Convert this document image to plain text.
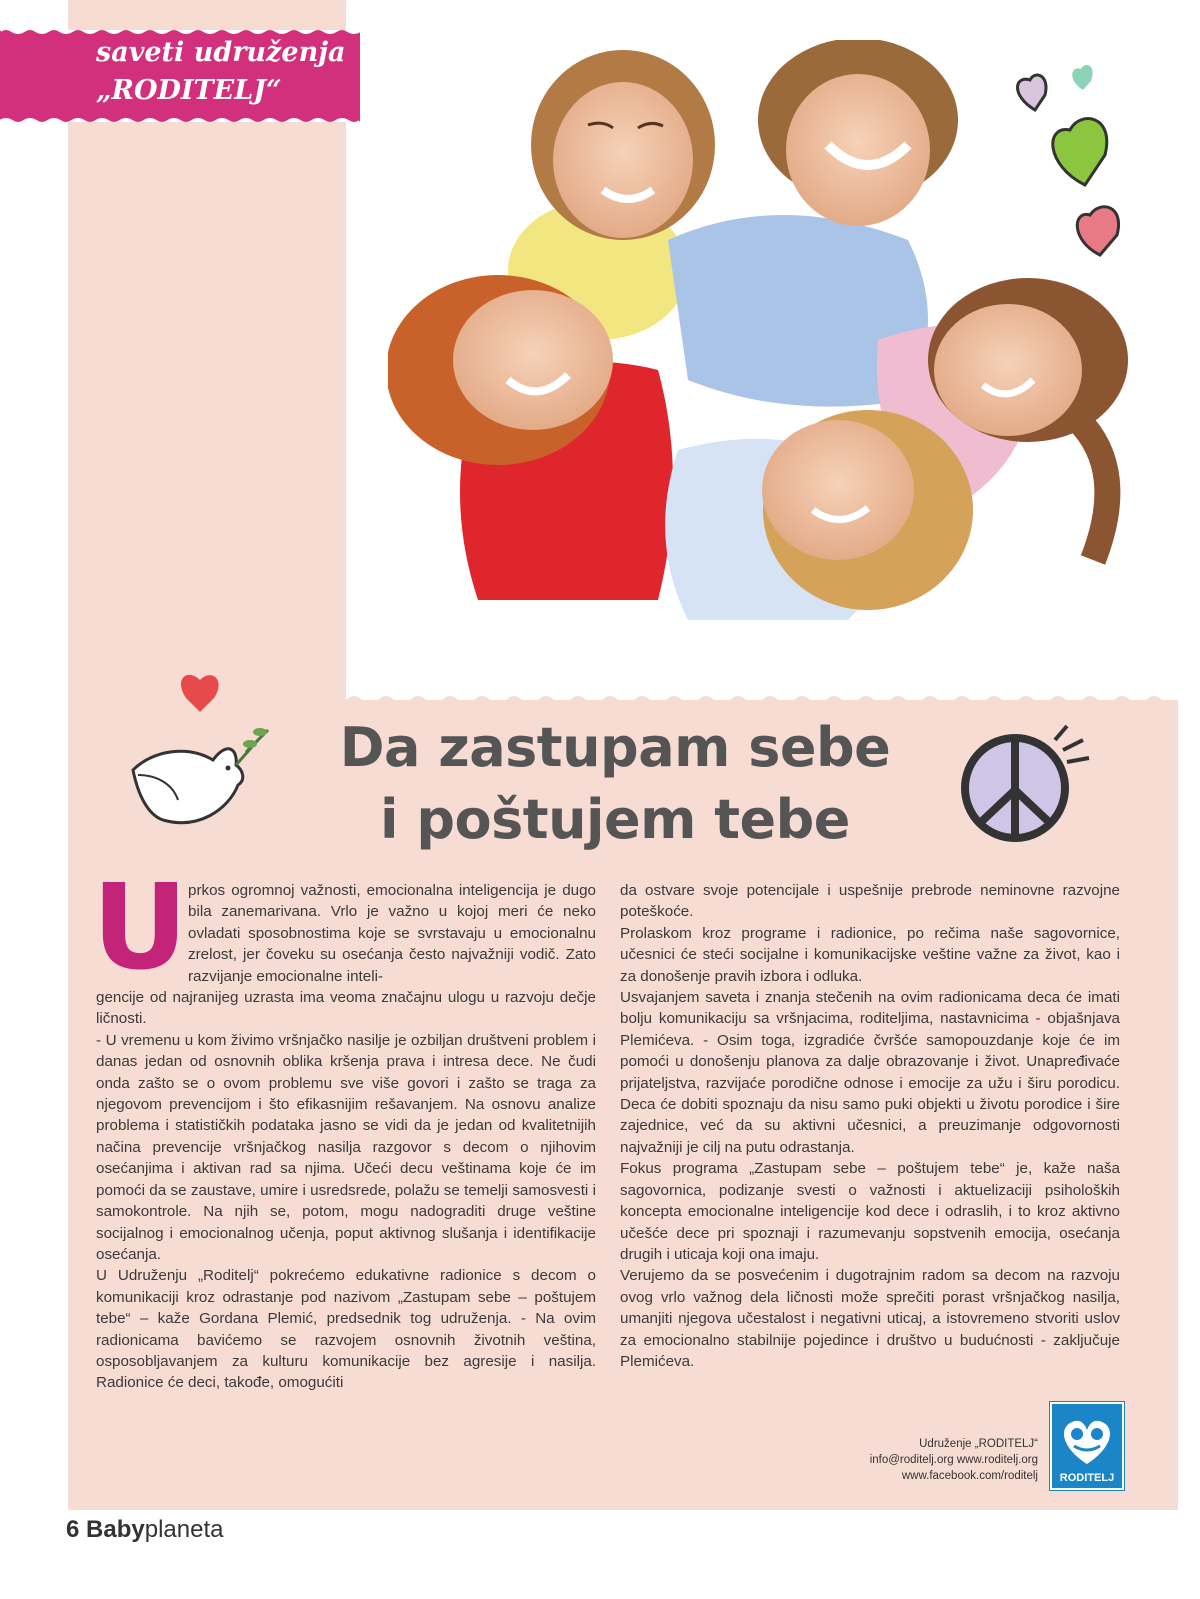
saveti udruženja
„RODITELJ“
Da zastupam sebe
i poštujem tebe
U prkos ogromnoj važnosti, emocionalna inteligencija je dugo bila zanemarivana. Vrlo je važno u kojoj meri će neko ovladati sposobnostima koje se svrstavaju u emocionalnu zrelost, jer čoveku su osećanja često najvažniji vodič. Zato razvijanje emocionalne inteli-

gencije od najranijeg uzrasta ima veoma značajnu ulogu u razvoju dečje ličnosti.

- U vremenu u kom živimo vršnjačko nasilje je ozbiljan društveni problem i danas jedan od osnovnih oblika kršenja prava i intresa dece. Ne čudi onda zašto se o ovom problemu sve više govori i zašto se traga za njegovom prevencijom i što efikasnijim rešavanjem. Na osnovu analize problema i statističkih podataka jasno se vidi da je jedan od kvalitetnijih načina prevencije vršnjačkog nasilja razgovor s decom o njihovim osećanjima i aktivan rad sa njima. Učeći decu veštinama koje će im pomoći da se zaustave, umire i usredsrede, polažu se temelji samosvesti i samokontrole. Na njih se, potom, mogu nadograditi druge veštine socijalnog i emocionalnog učenja, poput aktivnog slušanja i identifikacije osećanja.

U Udruženju „Roditelj“ pokrećemo edukativne radionice s decom o komunikaciji kroz odrastanje pod nazivom „Zastupam sebe – poštujem tebe“ – kaže Gordana Plemić, predsednik tog udruženja. - Na ovim radionicama bavićemo se razvojem osnovnih životnih veština, osposobljavanjem za kulturu komunikacije bez agresije i nasilja. Radionice će deci, takođe, omogućiti

da ostvare svoje potencijale i uspešnije prebrode neminovne razvojne poteškoće.

Prolaskom kroz programe i radionice, po rečima naše sagovornice, učesnici će steći socijalne i komunikacijske veštine važne za život, kao i za donošenje pravih izbora i odluka.

Usvajanjem saveta i znanja stečenih na ovim radionicama deca će imati bolju komunikaciju sa vršnjacima, roditeljima, nastavnicima - objašnjava Plemićeva. - Osim toga, izgradiće čvršće samopouzdanje koje će im pomoći u donošenju planova za dalje obrazovanje i život. Unapređivaće prijateljstva, razvijaće porodične odnose i emocije za užu i širu porodicu. Deca će dobiti spoznaju da nisu samo puki objekti u životu porodice i šire zajednice, već da su aktivni učesnici, a preuzimanje odgovornosti najvažniji je cilj na putu odrastanja.

Fokus programa „Zastupam sebe – poštujem tebe“ je, kaže naša sagovornica, podizanje svesti o važnosti i aktuelizaciji psiholoških koncepta emocionalne inteligencije kod dece i odraslih, i to kroz aktivno učešće dece pri spoznaji i razumevanju sopstvenih emocija, osećanja drugih i uticaja koji ona imaju.

Verujemo da se posvećenim i dugotrajnim radom sa decom na razvoju ovog vrlo važnog dela ličnosti može sprečiti porast vršnjačkog nasilja, umanjiti njegova učestalost i negativni uticaj, a istovremeno stvoriti uslov za emocionalno stabilnije pojedince i društvo u budućnosti - zaključuje Plemićeva.

Udruženje „RODITELJ“
info@roditelj.org www.roditelj.org
www.facebook.com/roditelj	RODITELJ
6 Babyplaneta
